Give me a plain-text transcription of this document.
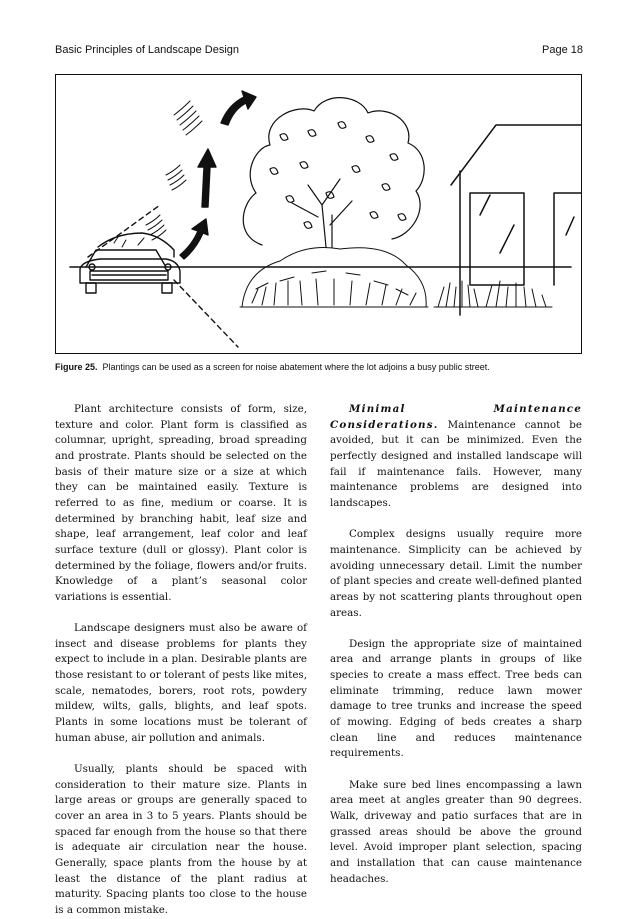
Basic Principles of Landscape Design	Page 18
Figure 25. Plantings can be used as a screen for noise abatement where the lot adjoins a busy public street.

Plant architecture consists of form, size, texture and color. Plant form is classified as columnar, upright, spreading, broad spreading and prostrate. Plants should be selected on the basis of their mature size or a size at which they can be maintained easily. Texture is referred to as fine, medium or coarse. It is determined by branching habit, leaf size and shape, leaf arrangement, leaf color and leaf surface texture (dull or glossy). Plant color is determined by the foliage, flowers and/or fruits. Knowledge of a plant’s seasonal color variations is essential.

Landscape designers must also be aware of insect and disease problems for plants they expect to include in a plan. Desirable plants are those resistant to or tolerant of pests like mites, scale, nematodes, borers, root rots, powdery mildew, wilts, galls, blights, and leaf spots. Plants in some locations must be tolerant of human abuse, air pollution and animals.

Usually, plants should be spaced with consideration to their mature size. Plants in large areas or groups are generally spaced to cover an area in 3 to 5 years. Plants should be spaced far enough from the house so that there is adequate air circulation near the house. Generally, space plants from the house by at least the distance of the plant radius at maturity. Spacing plants too close to the house is a common mistake.

Minimal Maintenance Considerations. Maintenance cannot be avoided, but it can be minimized. Even the perfectly designed and installed landscape will fail if maintenance fails. However, many maintenance problems are designed into landscapes.

Complex designs usually require more maintenance. Simplicity can be achieved by avoiding unnecessary detail. Limit the number of plant species and create well-defined planted areas by not scattering plants throughout open areas.

Design the appropriate size of maintained area and arrange plants in groups of like species to create a mass effect. Tree beds can eliminate trimming, reduce lawn mower damage to tree trunks and increase the speed of mowing. Edging of beds creates a sharp clean line and reduces maintenance requirements.

Make sure bed lines encompassing a lawn area meet at angles greater than 90 degrees. Walk, driveway and patio surfaces that are in grassed areas should be above the ground level. Avoid improper plant selection, spacing and installation that can cause maintenance headaches.
